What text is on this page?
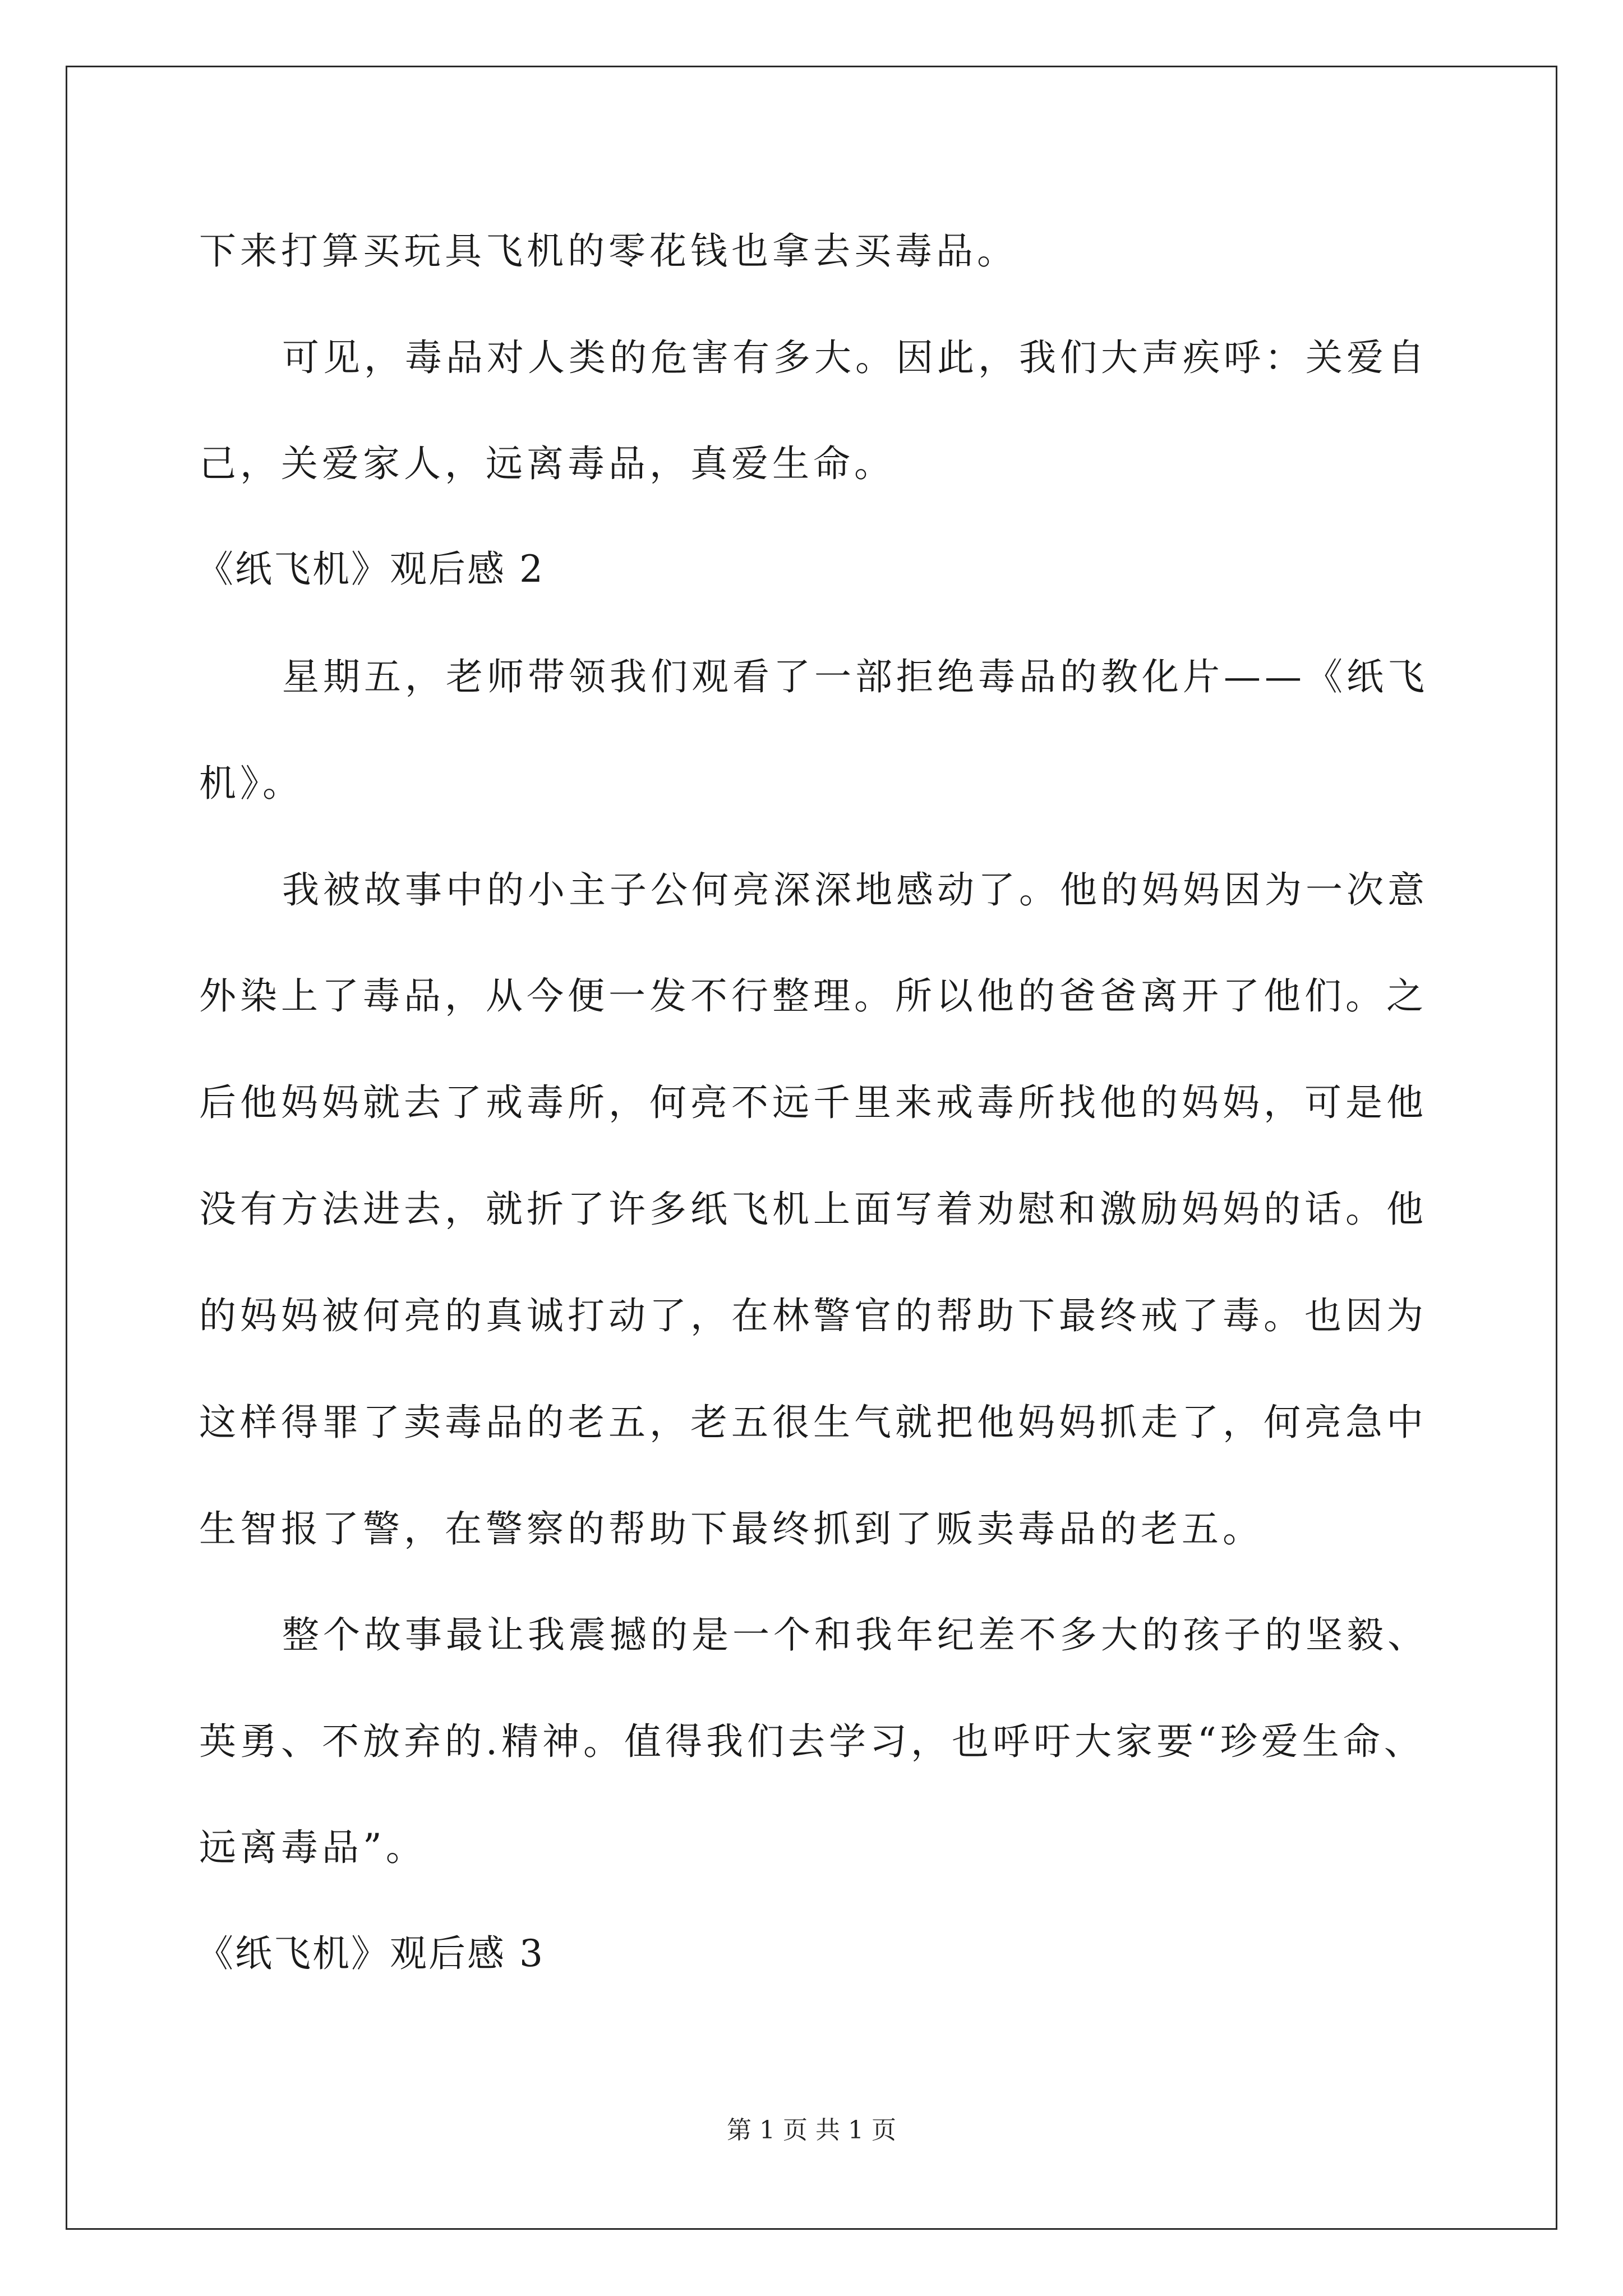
下来打算买玩具飞机的零花钱也拿去买毒品。
可见，毒品对人类的危害有多大。因此，我们大声疾呼：关爱自
己，关爱家人，远离毒品，真爱生命。
《纸飞机》观后感 2
星期五，老师带领我们观看了一部拒绝毒品的教化片——《纸飞
机》。
我被故事中的小主子公何亮深深地感动了。他的妈妈因为一次意
外染上了毒品，从今便一发不行整理。所以他的爸爸离开了他们。之
后他妈妈就去了戒毒所，何亮不远千里来戒毒所找他的妈妈，可是他
没有方法进去，就折了许多纸飞机上面写着劝慰和激励妈妈的话。他
的妈妈被何亮的真诚打动了，在林警官的帮助下最终戒了毒。也因为
这样得罪了卖毒品的老五，老五很生气就把他妈妈抓走了，何亮急中
生智报了警，在警察的帮助下最终抓到了贩卖毒品的老五。
整个故事最让我震撼的是一个和我年纪差不多大的孩子的坚毅、
英勇、不放弃的.精神。值得我们去学习，也呼吁大家要“珍爱生命、
远离毒品”。
《纸飞机》观后感 3
第 1 页 共 1 页
